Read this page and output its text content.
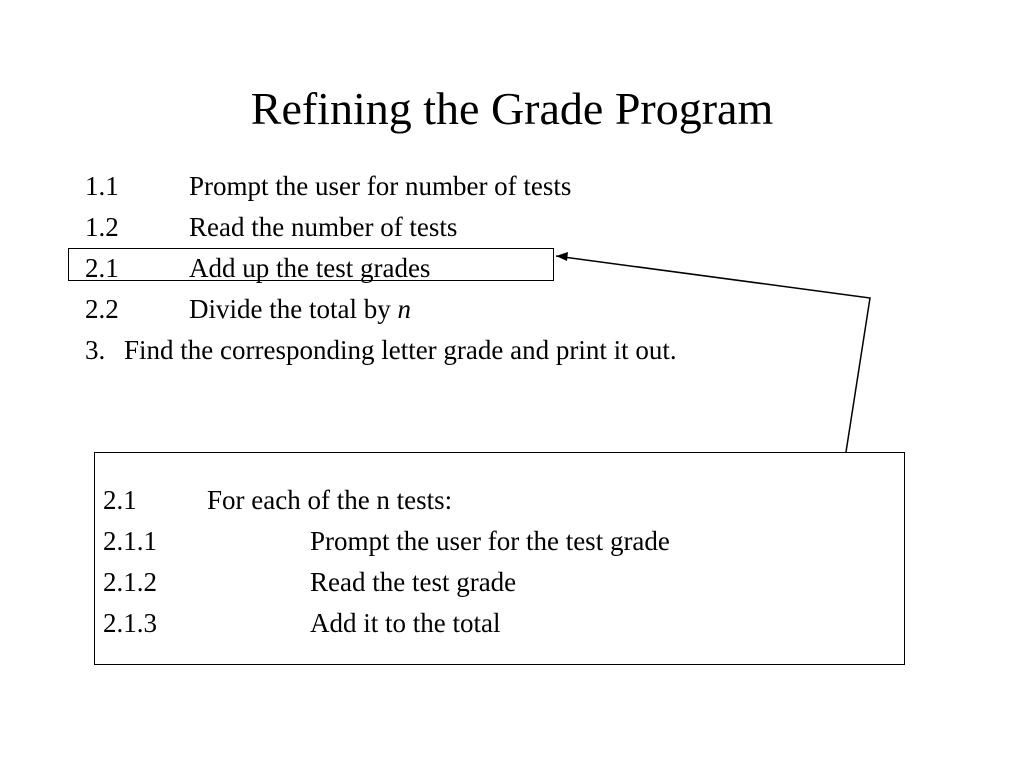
Refining the Grade Program
1.1	Prompt the user for number of tests
1.2	Read the number of tests
2.1	Add up the test grades
2.2	Divide the total by n
3. Find the corresponding letter grade and print it out.
2.1	For each of the n tests:
2.1.1	Prompt the user for the test grade
2.1.2	Read the test grade
2.1.3	Add it to the total
